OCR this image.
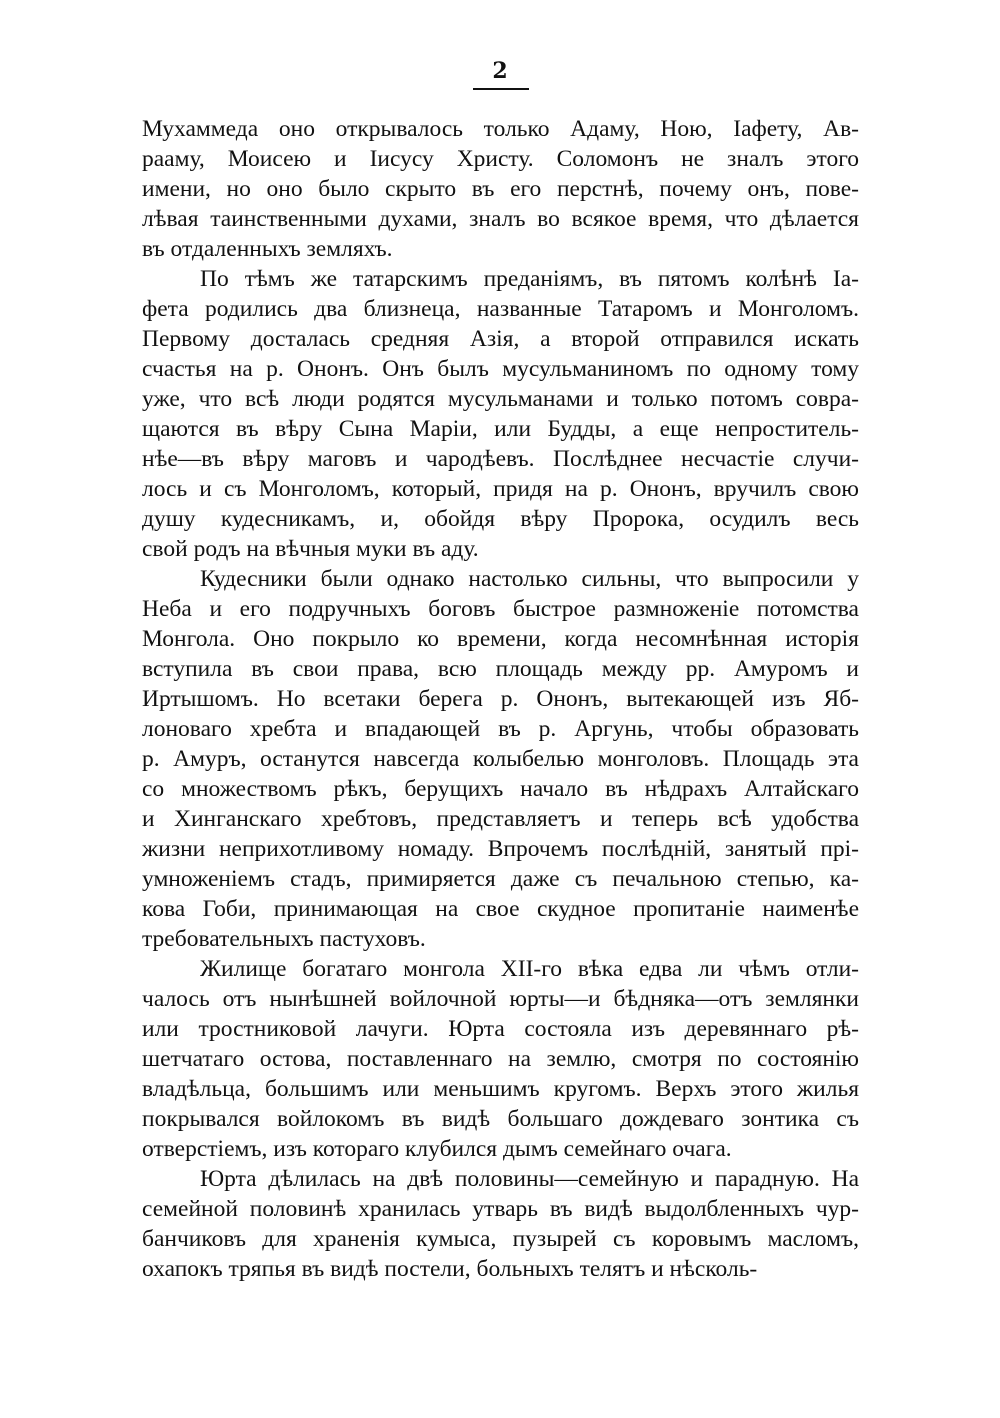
2
Мухаммеда оно открывалось только Адаму, Ною, Іафету, Ав-
рааму, Моисею и Іисусу Христу. Соломонъ не зналъ этого
имени, но оно было скрыто въ его перстнѣ, почему онъ, пове-
лѣвая таинственными духами, зналъ во всякое время, что дѣлается
въ отдаленныхъ земляхъ.
По тѣмъ же татарскимъ преданіямъ, въ пятомъ колѣнѣ Іа-
фета родились два близнеца, названные Татаромъ и Монголомъ.
Первому досталась средняя Азія, а второй отправился искать
счастья на р. Ононъ. Онъ былъ мусульманиномъ по одному тому
уже, что всѣ люди родятся мусульманами и только потомъ совра-
щаются въ вѣру Сына Маріи, или Будды, а еще непроститель-
нѣе—въ вѣру маговъ и чародѣевъ. Послѣднее несчастіе случи-
лось и съ Монголомъ, который, придя на р. Ононъ, вручилъ свою
душу кудесникамъ, и, обойдя вѣру Пророка, осудилъ весь
свой родъ на вѣчныя муки въ аду.
Кудесники были однако настолько сильны, что выпросили у
Неба и его подручныхъ боговъ быстрое размноженіе потомства
Монгола. Оно покрыло ко времени, когда несомнѣнная исторія
вступила въ свои права, всю площадь между рр. Амуромъ и
Иртышомъ. Но всетаки берега р. Ононъ, вытекающей изъ Яб-
лоноваго хребта и впадающей въ р. Аргунь, чтобы образовать
р. Амуръ, останутся навсегда колыбелью монголовъ. Площадь эта
со множествомъ рѣкъ, берущихъ начало въ нѣдрахъ Алтайскаго
и Хинганскаго хребтовъ, представляетъ и теперь всѣ удобства
жизни неприхотливому номаду. Впрочемъ послѣдній, занятый прі-
умноженіемъ стадъ, примиряется даже съ печальною степью, ка-
кова Гоби, принимающая на свое скудное пропитаніе наименѣе
требовательныхъ пастуховъ.
Жилище богатаго монгола XII-го вѣка едва ли чѣмъ отли-
чалось отъ нынѣшней войлочной юрты—и бѣдняка—отъ землянки
или тростниковой лачуги. Юрта состояла изъ деревяннаго рѣ-
шетчатаго остова, поставленнаго на землю, смотря по состоянію
владѣльца, большимъ или меньшимъ кругомъ. Верхъ этого жилья
покрывался войлокомъ въ видѣ большаго дождеваго зонтика съ
отверстіемъ, изъ котораго клубился дымъ семейнаго очага.
Юрта дѣлилась на двѣ половины—семейную и парадную. На
семейной половинѣ хранилась утварь въ видѣ выдолбленныхъ чур-
банчиковъ для храненія кумыса, пузырей съ коровымъ масломъ,
охапокъ тряпья въ видѣ постели, больныхъ телятъ и нѣсколь-
